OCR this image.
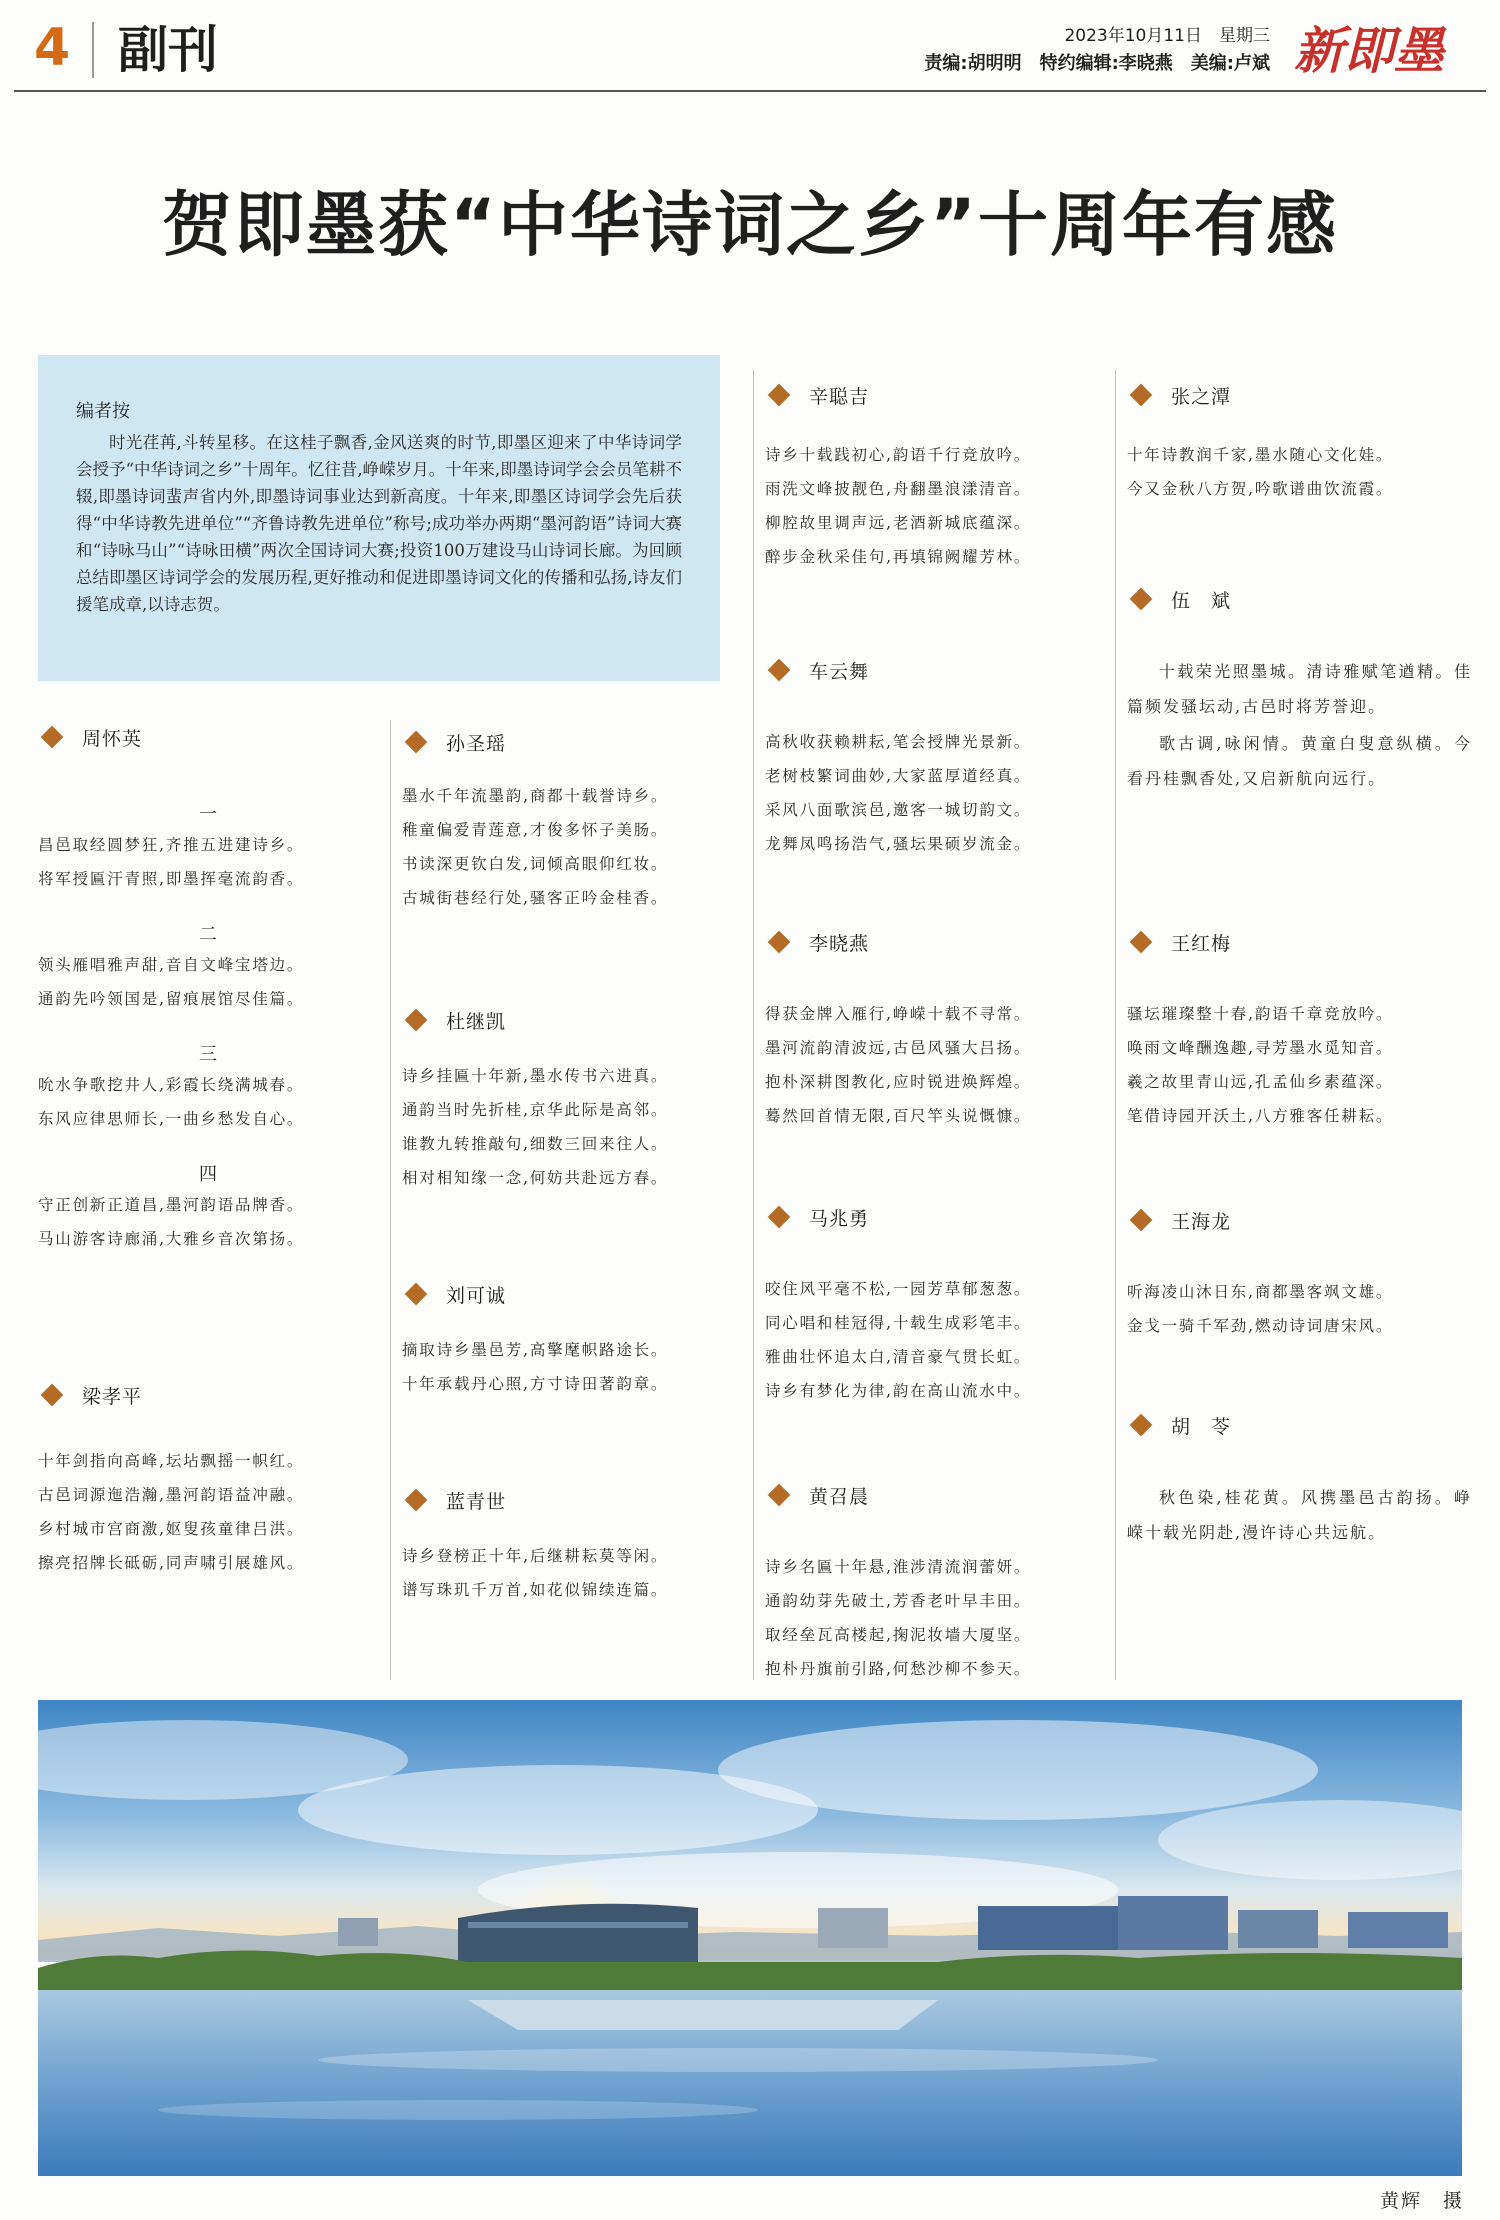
4 副刊	2023年10月11日　星期三
责编:胡明明 特约编辑:李晓燕 美编:卢斌 新即墨
贺即墨获“中华诗词之乡”十周年有感
编者按
时光荏苒,斗转星移。在这桂子飘香,金风送爽的时节,即墨区迎来了中华诗词学会授予“中华诗词之乡”十周年。忆往昔,峥嵘岁月。十年来,即墨诗词学会会员笔耕不辍,即墨诗词蜚声省内外,即墨诗词事业达到新高度。十年来,即墨区诗词学会先后获得“中华诗教先进单位”“齐鲁诗教先进单位”称号;成功举办两期“墨河韵语”诗词大赛和“诗咏马山”“诗咏田横”两次全国诗词大赛;投资100万建设马山诗词长廊。为回顾总结即墨区诗词学会的发展历程,更好推动和促进即墨诗词文化的传播和弘扬,诗友们援笔成章,以诗志贺。
周怀英
一
昌邑取经圆梦狂,齐推五进建诗乡。
将军授匾汗青照,即墨挥毫流韵香。
二
领头雁唱雅声甜,音自文峰宝塔边。
通韵先吟领国是,留痕展馆尽佳篇。
三
吮水争歌挖井人,彩霞长绕满城春。
东风应律思师长,一曲乡愁发自心。
四
守正创新正道昌,墨河韵语品牌香。
马山游客诗廊涌,大雅乡音次第扬。
梁孝平
十年剑指向高峰,坛坫飘摇一帜红。
古邑词源迤浩瀚,墨河韵语益冲融。
乡村城市宫商激,妪叟孩童律吕洪。
擦亮招牌长砥砺,同声啸引展雄风。
孙圣瑶
墨水千年流墨韵,商都十载誉诗乡。
稚童偏爱青莲意,才俊多怀子美肠。
书读深更钦白发,词倾高眼仰红妆。
古城街巷经行处,骚客正吟金桂香。
杜继凯
诗乡挂匾十年新,墨水传书六进真。
通韵当时先折桂,京华此际是高邻。
谁教九转推敲句,细数三回来往人。
相对相知缘一念,何妨共赴远方春。
刘可诚
摘取诗乡墨邑芳,高擎麾帜路途长。
十年承载丹心照,方寸诗田著韵章。
蓝青世
诗乡登榜正十年,后继耕耘莫等闲。
谱写珠玑千万首,如花似锦续连篇。
辛聪吉
诗乡十载践初心,韵语千行竞放吟。
雨洗文峰披靓色,舟翻墨浪漾清音。
柳腔故里调声远,老酒新城底蕴深。
醉步金秋采佳句,再填锦阙耀芳林。
车云舞
高秋收获赖耕耘,笔会授牌光景新。
老树枝繁词曲妙,大家蓝厚道经真。
采风八面歌滨邑,邀客一城切韵文。
龙舞凤鸣扬浩气,骚坛果硕岁流金。
李晓燕
得获金牌入雁行,峥嵘十载不寻常。
墨河流韵清波远,古邑风骚大吕扬。
抱朴深耕图教化,应时锐进焕辉煌。
蓦然回首情无限,百尺竿头说慨慷。
马兆勇
咬住风平毫不松,一园芳草郁葱葱。
同心唱和桂冠得,十载生成彩笔丰。
雅曲壮怀追太白,清音豪气贯长虹。
诗乡有梦化为律,韵在高山流水中。
黄召晨
诗乡名匾十年悬,淮涉清流润蕾妍。
通韵幼芽先破土,芳香老叶早丰田。
取经垒瓦高楼起,掬泥妆墙大厦坚。
抱朴丹旗前引路,何愁沙柳不参天。
张之潭
十年诗教润千家,墨水随心文化娃。
今又金秋八方贺,吟歌谱曲饮流霞。
伍　斌
十载荣光照墨城。清诗雅赋笔遒精。佳篇频发骚坛动,古邑时将芳誉迎。
歌古调,咏闲情。黄童白叟意纵横。今看丹桂飘香处,又启新航向远行。
王红梅
骚坛璀璨整十春,韵语千章竞放吟。
唤雨文峰酬逸趣,寻芳墨水觅知音。
羲之故里青山远,孔孟仙乡素蕴深。
笔借诗园开沃土,八方雅客任耕耘。
王海龙
听海凌山沐日东,商都墨客飒文雄。
金戈一骑千军劲,燃动诗词唐宋风。
胡　苓
秋色染,桂花黄。风携墨邑古韵扬。峥嵘十载光阴赴,漫许诗心共远航。
黄辉　摄
